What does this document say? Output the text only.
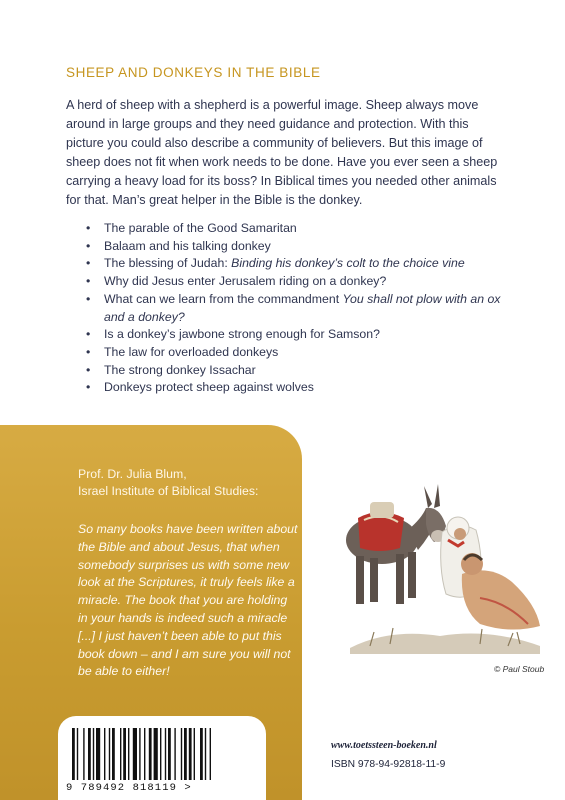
SHEEP AND DONKEYS IN THE BIBLE

A herd of sheep with a shepherd is a powerful image. Sheep always move around in large groups and they need guidance and protection. With this picture you could also describe a community of believers. But this image of sheep does not fit when work needs to be done. Have you ever seen a sheep carrying a heavy load for its boss? In Biblical times you needed other animals for that. Man’s great helper in the Bible is the donkey.

• The parable of the Good Samaritan
• Balaam and his talking donkey
• The blessing of Judah: Binding his donkey’s colt to the choice vine
• Why did Jesus enter Jerusalem riding on a donkey?
• What can we learn from the commandment You shall not plow with an ox and a donkey?
• Is a donkey’s jawbone strong enough for Samson?
• The law for overloaded donkeys
• The strong donkey Issachar
• Donkeys protect sheep against wolves
Prof. Dr. Julia Blum,
Israel Institute of Biblical Studies:

So many books have been written about the Bible and about Jesus, that when somebody surprises us with some new look at the Scriptures, it truly feels like a miracle. The book that you are holding in your hands is indeed such a miracle [...] I just haven’t been able to put this book down – and I am sure you will not be able to either!

9 789492 818119 >
© Paul Stoub
www.toetssteen-boeken.nl
ISBN 978-94-92818-11-9
